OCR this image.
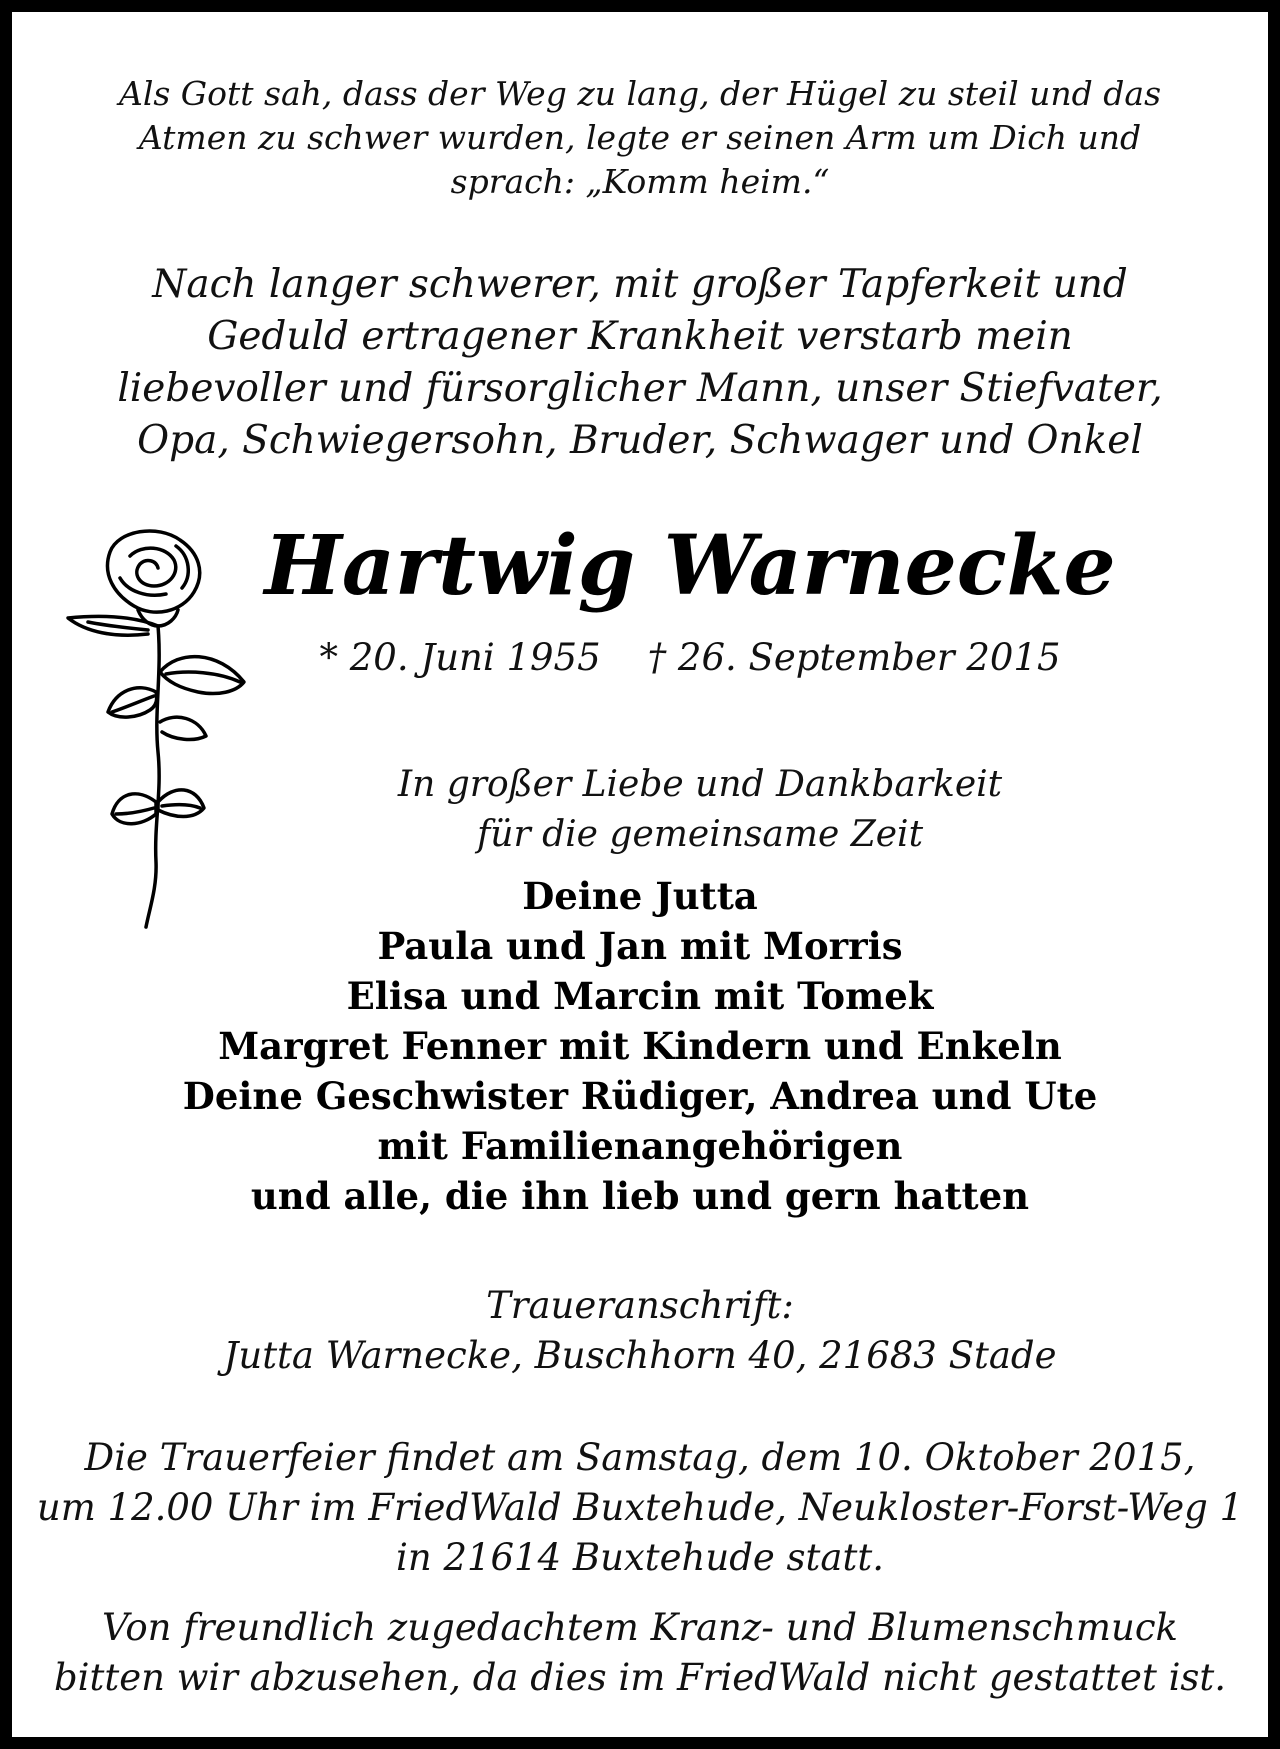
Als Gott sah, dass der Weg zu lang, der Hügel zu steil und das
Atmen zu schwer wurden, legte er seinen Arm um Dich und
sprach: „Komm heim.“
Nach langer schwerer, mit großer Tapferkeit und
Geduld ertragener Krankheit verstarb mein
liebevoller und fürsorglicher Mann, unser Stiefvater,
Opa, Schwiegersohn, Bruder, Schwager und Onkel
Hartwig Warnecke
* 20. Juni 1955    † 26. September 2015
In großer Liebe und Dankbarkeit
für die gemeinsame Zeit
Deine Jutta
Paula und Jan mit Morris
Elisa und Marcin mit Tomek
Margret Fenner mit Kindern und Enkeln
Deine Geschwister Rüdiger, Andrea und Ute
mit Familienangehörigen
und alle, die ihn lieb und gern hatten
Traueranschrift:
Jutta Warnecke, Buschhorn 40, 21683 Stade
Die Trauerfeier findet am Samstag, dem 10. Oktober 2015,
um 12.00 Uhr im FriedWald Buxtehude, Neukloster-Forst-Weg 1
in 21614 Buxtehude statt.
Von freundlich zugedachtem Kranz- und Blumenschmuck
bitten wir abzusehen, da dies im FriedWald nicht gestattet ist.
